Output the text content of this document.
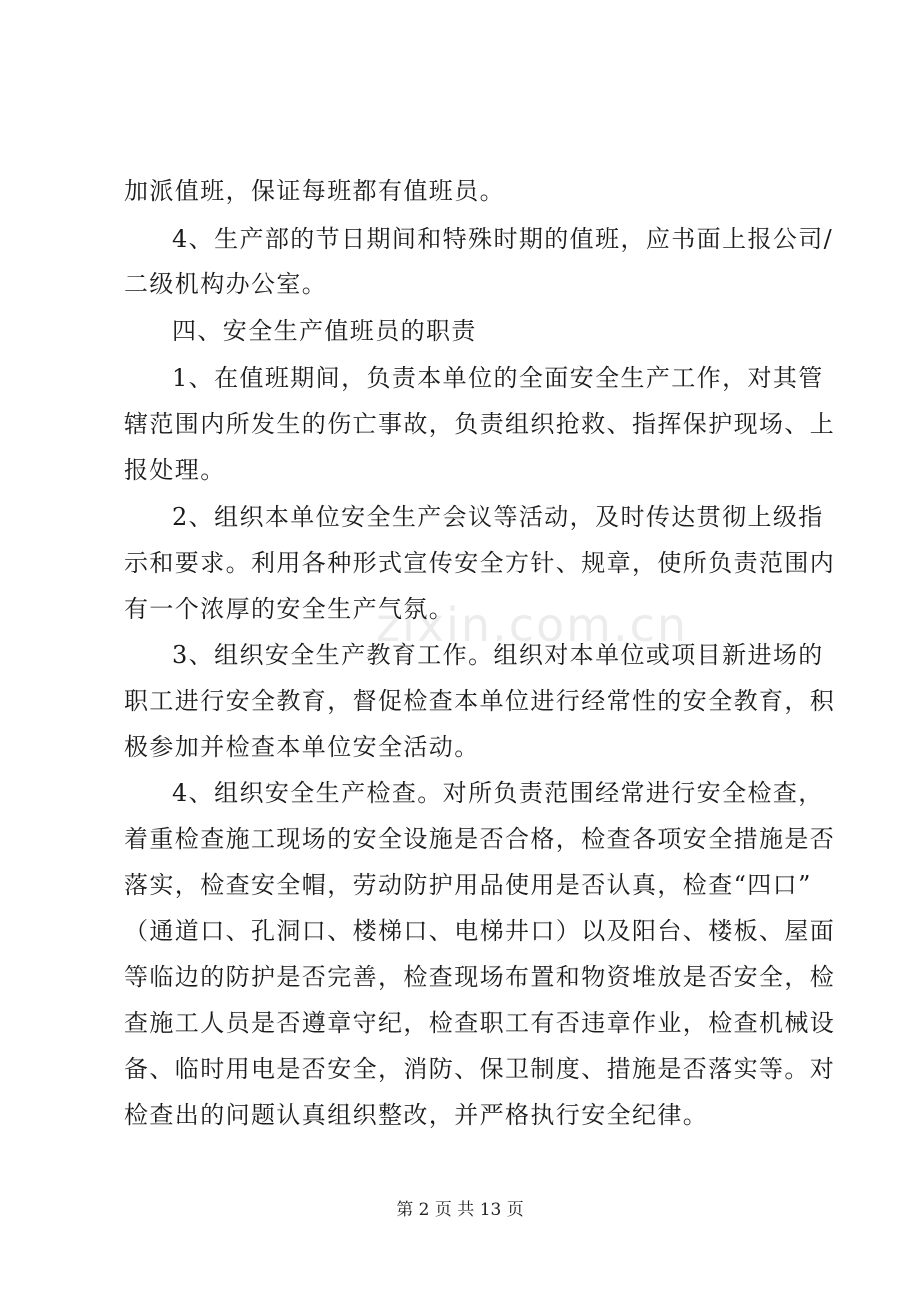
zixin.com.cn
加派值班，保证每班都有值班员。
4、生产部的节日期间和特殊时期的值班，应书面上报公司/
二级机构办公室。
四、安全生产值班员的职责
1、在值班期间，负责本单位的全面安全生产工作，对其管
辖范围内所发生的伤亡事故，负责组织抢救、指挥保护现场、上
报处理。
2、组织本单位安全生产会议等活动，及时传达贯彻上级指
示和要求。利用各种形式宣传安全方针、规章，使所负责范围内
有一个浓厚的安全生产气氛。
3、组织安全生产教育工作。组织对本单位或项目新进场的
职工进行安全教育，督促检查本单位进行经常性的安全教育，积
极参加并检查本单位安全活动。
4、组织安全生产检查。对所负责范围经常进行安全检查，
着重检查施工现场的安全设施是否合格，检查各项安全措施是否
落实，检查安全帽，劳动防护用品使用是否认真，检查“四口”
（通道口、孔洞口、楼梯口、电梯井口）以及阳台、楼板、屋面
等临边的防护是否完善，检查现场布置和物资堆放是否安全，检
查施工人员是否遵章守纪，检查职工有否违章作业，检查机械设
备、临时用电是否安全，消防、保卫制度、措施是否落实等。对
检查出的问题认真组织整改，并严格执行安全纪律。
第 2 页 共 13 页
